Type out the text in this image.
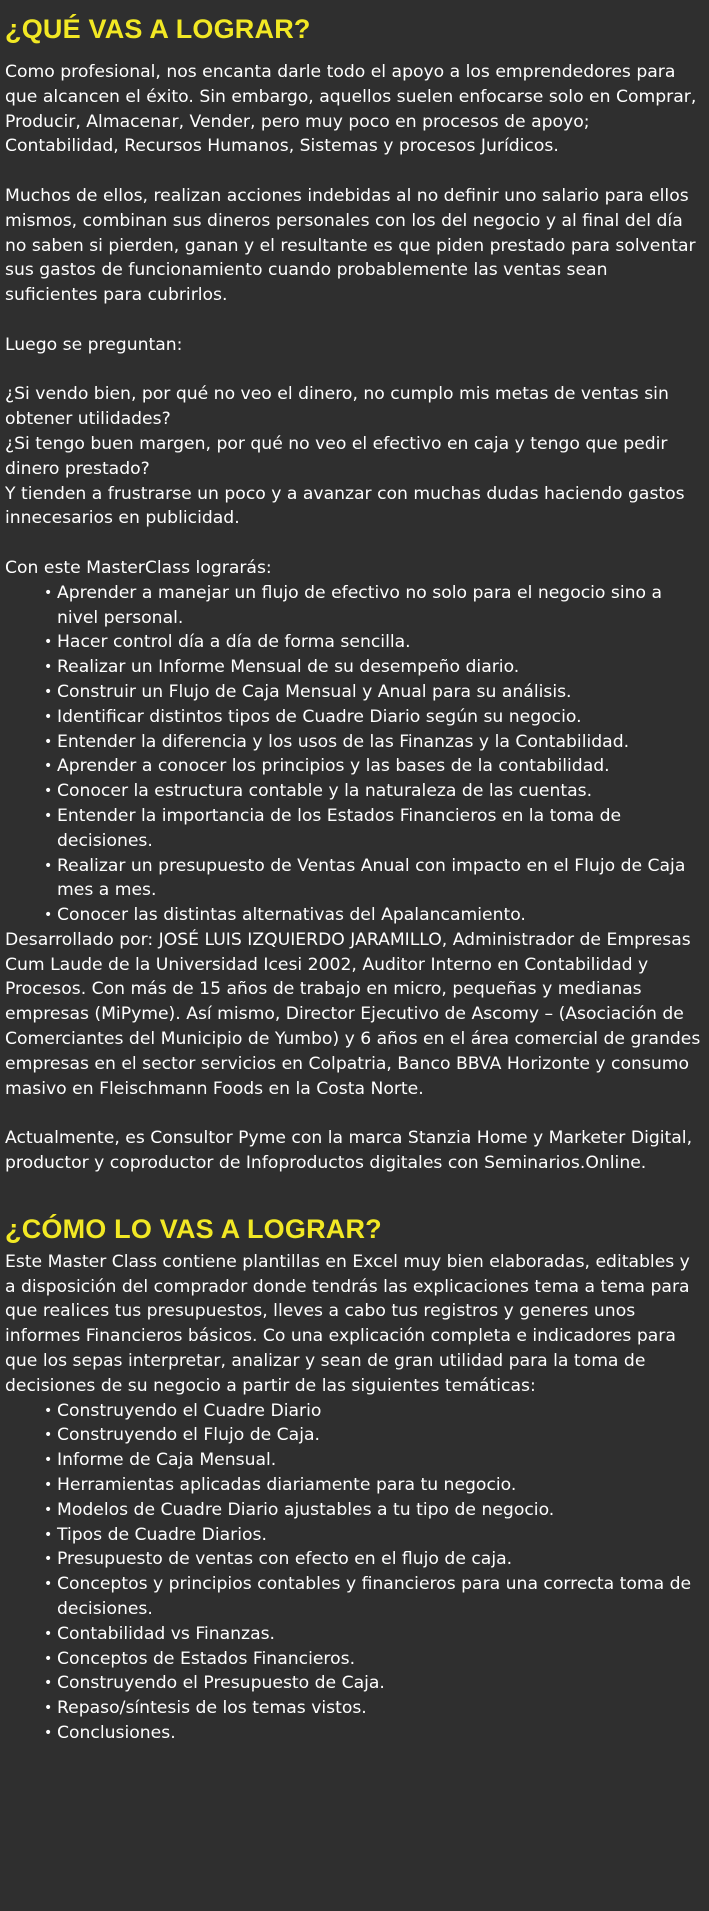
¿QUÉ VAS A LOGRAR?

Como profesional, nos encanta darle todo el apoyo a los emprendedores para que alcancen el éxito. Sin embargo, aquellos suelen enfocarse solo en Comprar, Producir, Almacenar, Vender, pero muy poco en procesos de apoyo; Contabilidad, Recursos Humanos, Sistemas y procesos Jurídicos.

Muchos de ellos, realizan acciones indebidas al no definir uno salario para ellos mismos, combinan sus dineros personales con los del negocio y al final del día no saben si pierden, ganan y el resultante es que piden prestado para solventar sus gastos de funcionamiento cuando probablemente las ventas sean suficientes para cubrirlos.

Luego se preguntan:

¿Si vendo bien, por qué no veo el dinero, no cumplo mis metas de ventas sin obtener utilidades?

¿Si tengo buen margen, por qué no veo el efectivo en caja y tengo que pedir dinero prestado?

Y tienden a frustrarse un poco y a avanzar con muchas dudas haciendo gastos innecesarios en publicidad.

Con este MasterClass lograrás:

• Aprender a manejar un flujo de efectivo no solo para el negocio sino a nivel personal.
• Hacer control día a día de forma sencilla.
• Realizar un Informe Mensual de su desempeño diario.
• Construir un Flujo de Caja Mensual y Anual para su análisis.
• Identificar distintos tipos de Cuadre Diario según su negocio.
• Entender la diferencia y los usos de las Finanzas y la Contabilidad.
• Aprender a conocer los principios y las bases de la contabilidad.
• Conocer la estructura contable y la naturaleza de las cuentas.
• Entender la importancia de los Estados Financieros en la toma de decisiones.
• Realizar un presupuesto de Ventas Anual con impacto en el Flujo de Caja mes a mes.
• Conocer las distintas alternativas del Apalancamiento.

Desarrollado por: JOSÉ LUIS IZQUIERDO JARAMILLO, Administrador de Empresas Cum Laude de la Universidad Icesi 2002, Auditor Interno en Contabilidad y Procesos. Con más de 15 años de trabajo en micro, pequeñas y medianas empresas (MiPyme). Así mismo, Director Ejecutivo de Ascomy – (Asociación de Comerciantes del Municipio de Yumbo) y 6 años en el área comercial de grandes empresas en el sector servicios en Colpatria, Banco BBVA Horizonte y consumo masivo en Fleischmann Foods en la Costa Norte.

Actualmente, es Consultor Pyme con la marca Stanzia Home y Marketer Digital, productor y coproductor de Infoproductos digitales con Seminarios.Online.

¿CÓMO LO VAS A LOGRAR?

Este Master Class contiene plantillas en Excel muy bien elaboradas, editables y a disposición del comprador donde tendrás las explicaciones tema a tema para que realices tus presupuestos, lleves a cabo tus registros y generes unos informes Financieros básicos. Co una explicación completa e indicadores para que los sepas interpretar, analizar y sean de gran utilidad para la toma de decisiones de su negocio a partir de las siguientes temáticas:

• Construyendo el Cuadre Diario
• Construyendo el Flujo de Caja.
• Informe de Caja Mensual.
• Herramientas aplicadas diariamente para tu negocio.
• Modelos de Cuadre Diario ajustables a tu tipo de negocio.
• Tipos de Cuadre Diarios.
• Presupuesto de ventas con efecto en el flujo de caja.
• Conceptos y principios contables y financieros para una correcta toma de decisiones.
• Contabilidad vs Finanzas.
• Conceptos de Estados Financieros.
• Construyendo el Presupuesto de Caja.
• Repaso/síntesis de los temas vistos.
• Conclusiones.
